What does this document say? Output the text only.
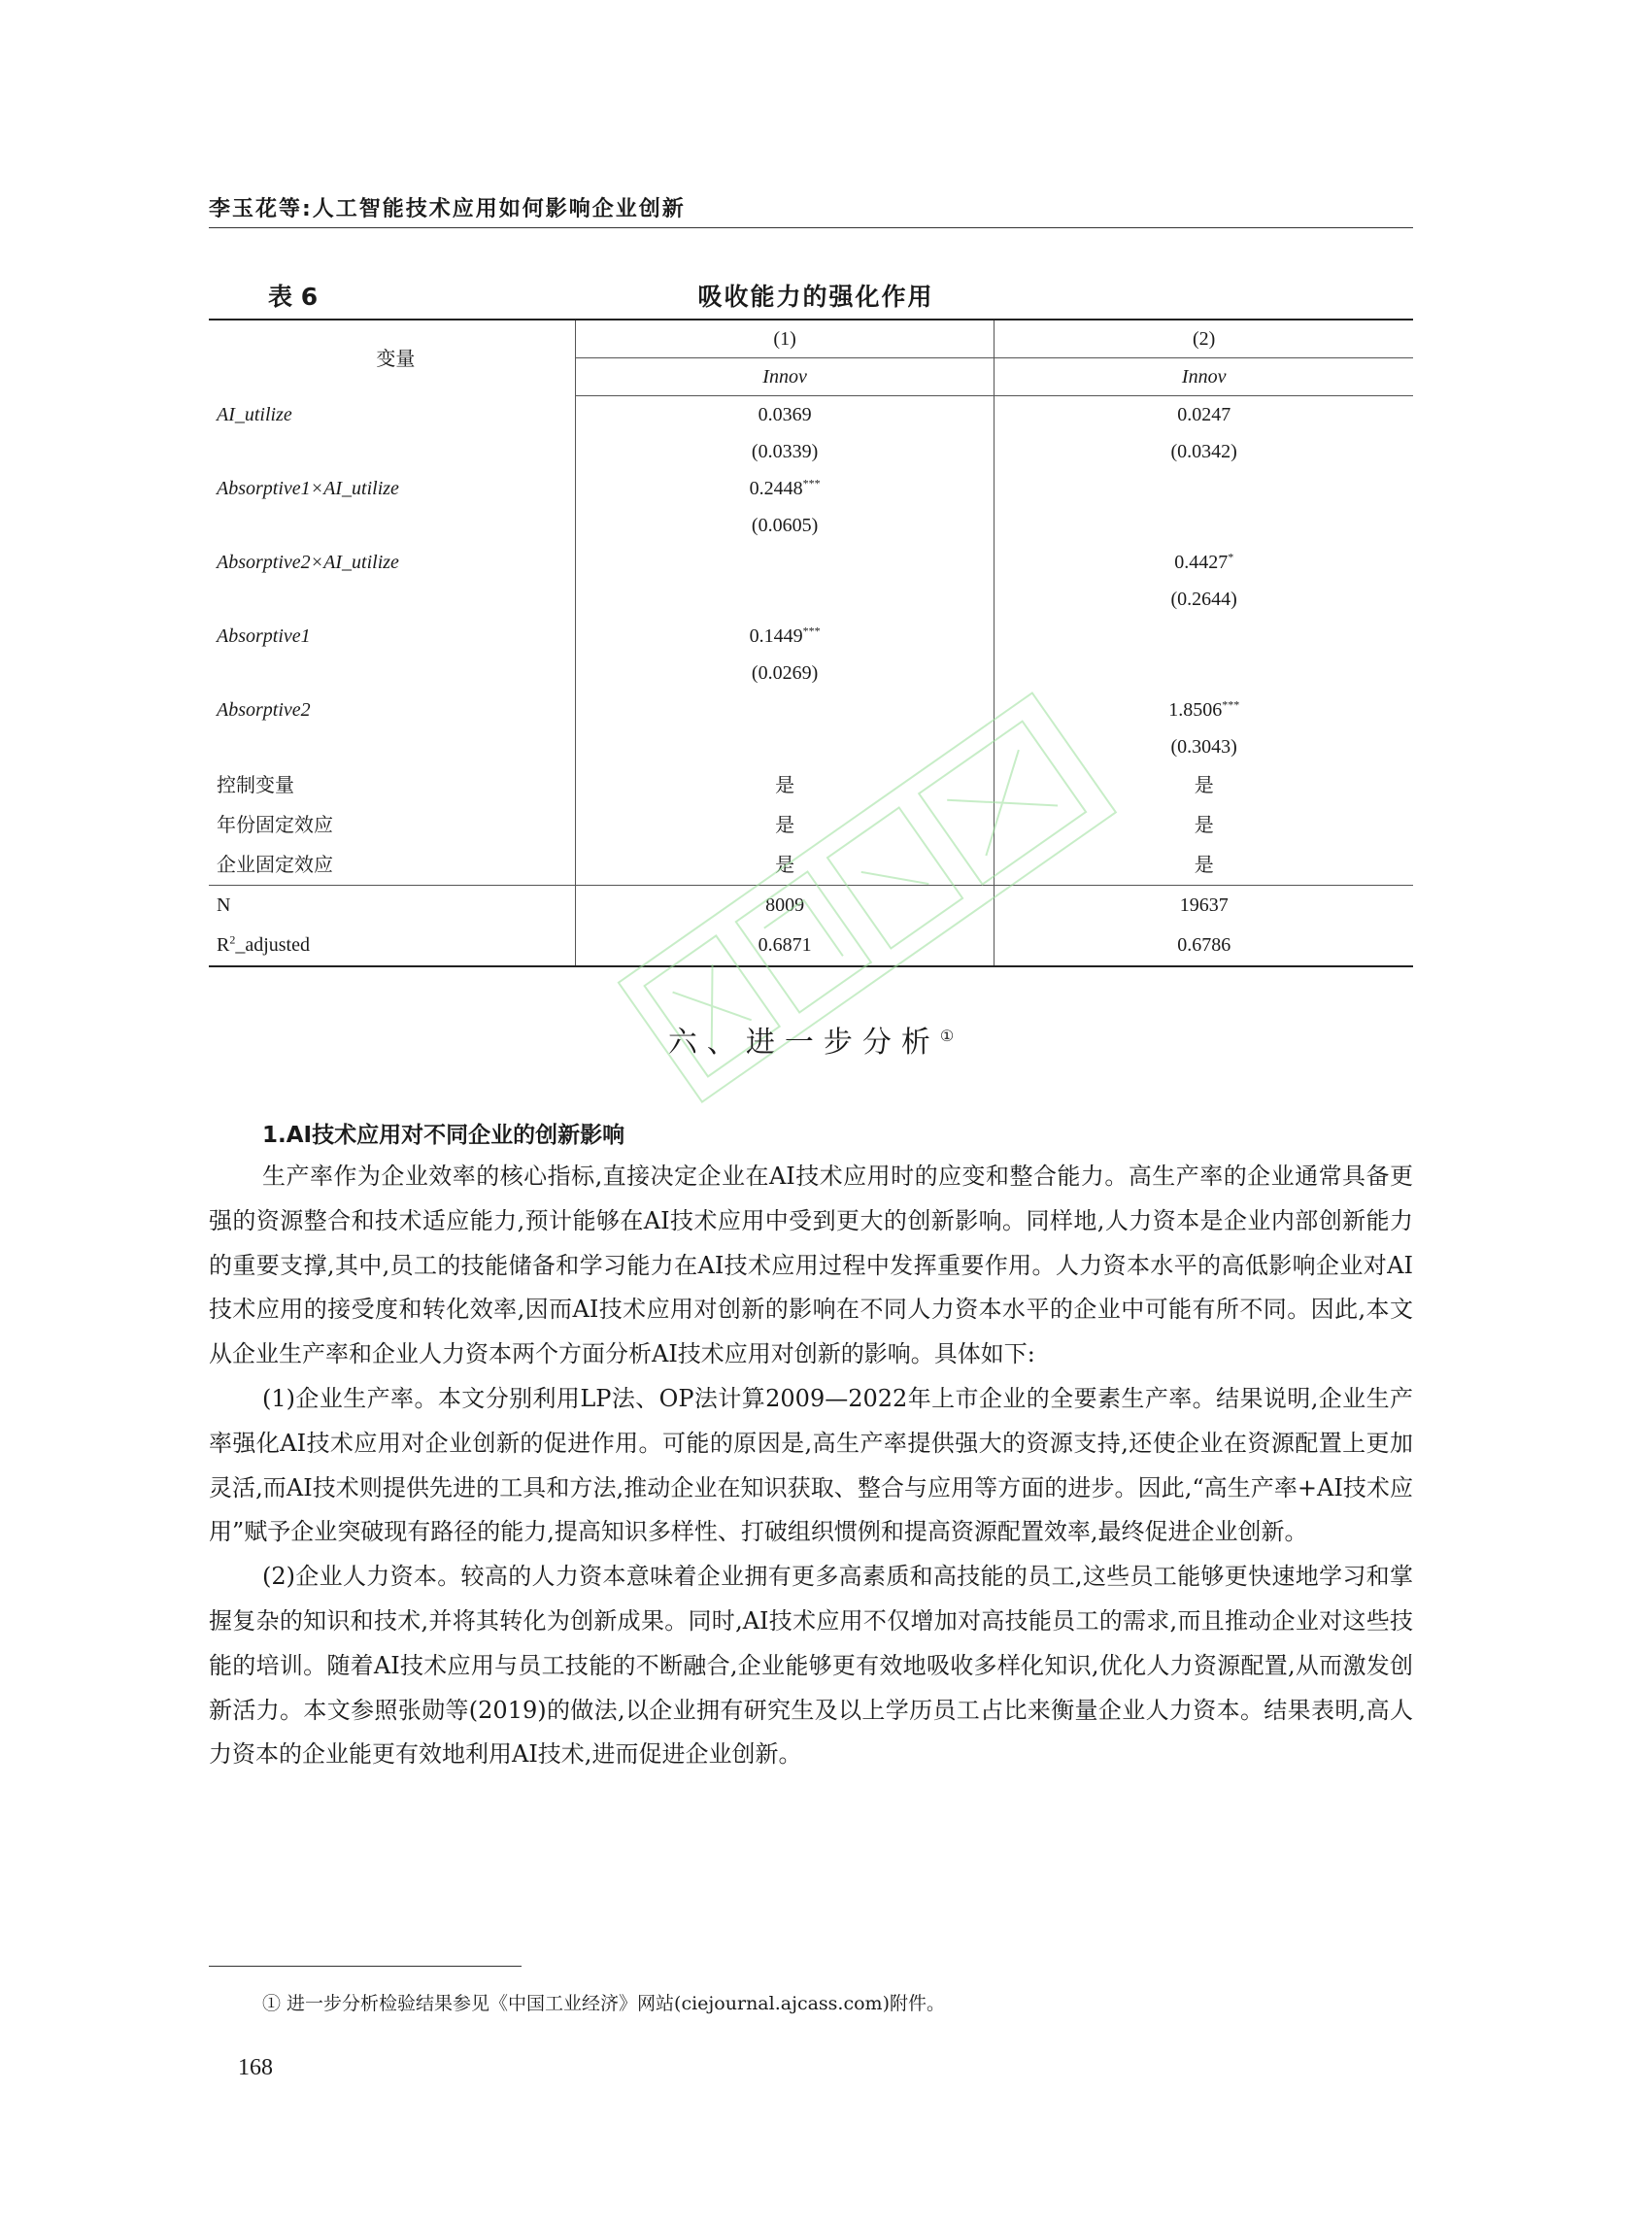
李玉花等:人工智能技术应用如何影响企业创新
表 6	吸收能力的强化作用
变量	(1)	(2)
	Innov	Innov
AI_utilize	0.0369	0.0247
	(0.0339)	(0.0342)
Absorptive1×AI_utilize	0.2448***	
	(0.0605)	
Absorptive2×AI_utilize		0.4427*
		(0.2644)
Absorptive1	0.1449***	
	(0.0269)	
Absorptive2		1.8506***
		(0.3043)
控制变量	是	是
年份固定效应	是	是
企业固定效应	是	是
N	8009	19637
$R^2\_adjusted$	0.6871	0.6786
六、进一步分析①
1.AI技术应用对不同企业的创新影响

生产率作为企业效率的核心指标,直接决定企业在AI技术应用时的应变和整合能力。高生产率的企业通常具备更强的资源整合和技术适应能力,预计能够在AI技术应用中受到更大的创新影响。同样地,人力资本是企业内部创新能力的重要支撑,其中,员工的技能储备和学习能力在AI技术应用过程中发挥重要作用。人力资本水平的高低影响企业对AI技术应用的接受度和转化效率,因而AI技术应用对创新的影响在不同人力资本水平的企业中可能有所不同。因此,本文从企业生产率和企业人力资本两个方面分析AI技术应用对创新的影响。具体如下:

(1)企业生产率。本文分别利用LP法、OP法计算2009—2022年上市企业的全要素生产率。结果说明,企业生产率强化AI技术应用对企业创新的促进作用。可能的原因是,高生产率提供强大的资源支持,还使企业在资源配置上更加灵活,而AI技术则提供先进的工具和方法,推动企业在知识获取、整合与应用等方面的进步。因此,“高生产率+AI技术应用”赋予企业突破现有路径的能力,提高知识多样性、打破组织惯例和提高资源配置效率,最终促进企业创新。

(2)企业人力资本。较高的人力资本意味着企业拥有更多高素质和高技能的员工,这些员工能够更快速地学习和掌握复杂的知识和技术,并将其转化为创新成果。同时,AI技术应用不仅增加对高技能员工的需求,而且推动企业对这些技能的培训。随着AI技术应用与员工技能的不断融合,企业能够更有效地吸收多样化知识,优化人力资源配置,从而激发创新活力。本文参照张勋等(2019)的做法,以企业拥有研究生及以上学历员工占比来衡量企业人力资本。结果表明,高人力资本的企业能更有效地利用AI技术,进而促进企业创新。

① 进一步分析检验结果参见《中国工业经济》网站(ciejournal.ajcass.com)附件。
168
